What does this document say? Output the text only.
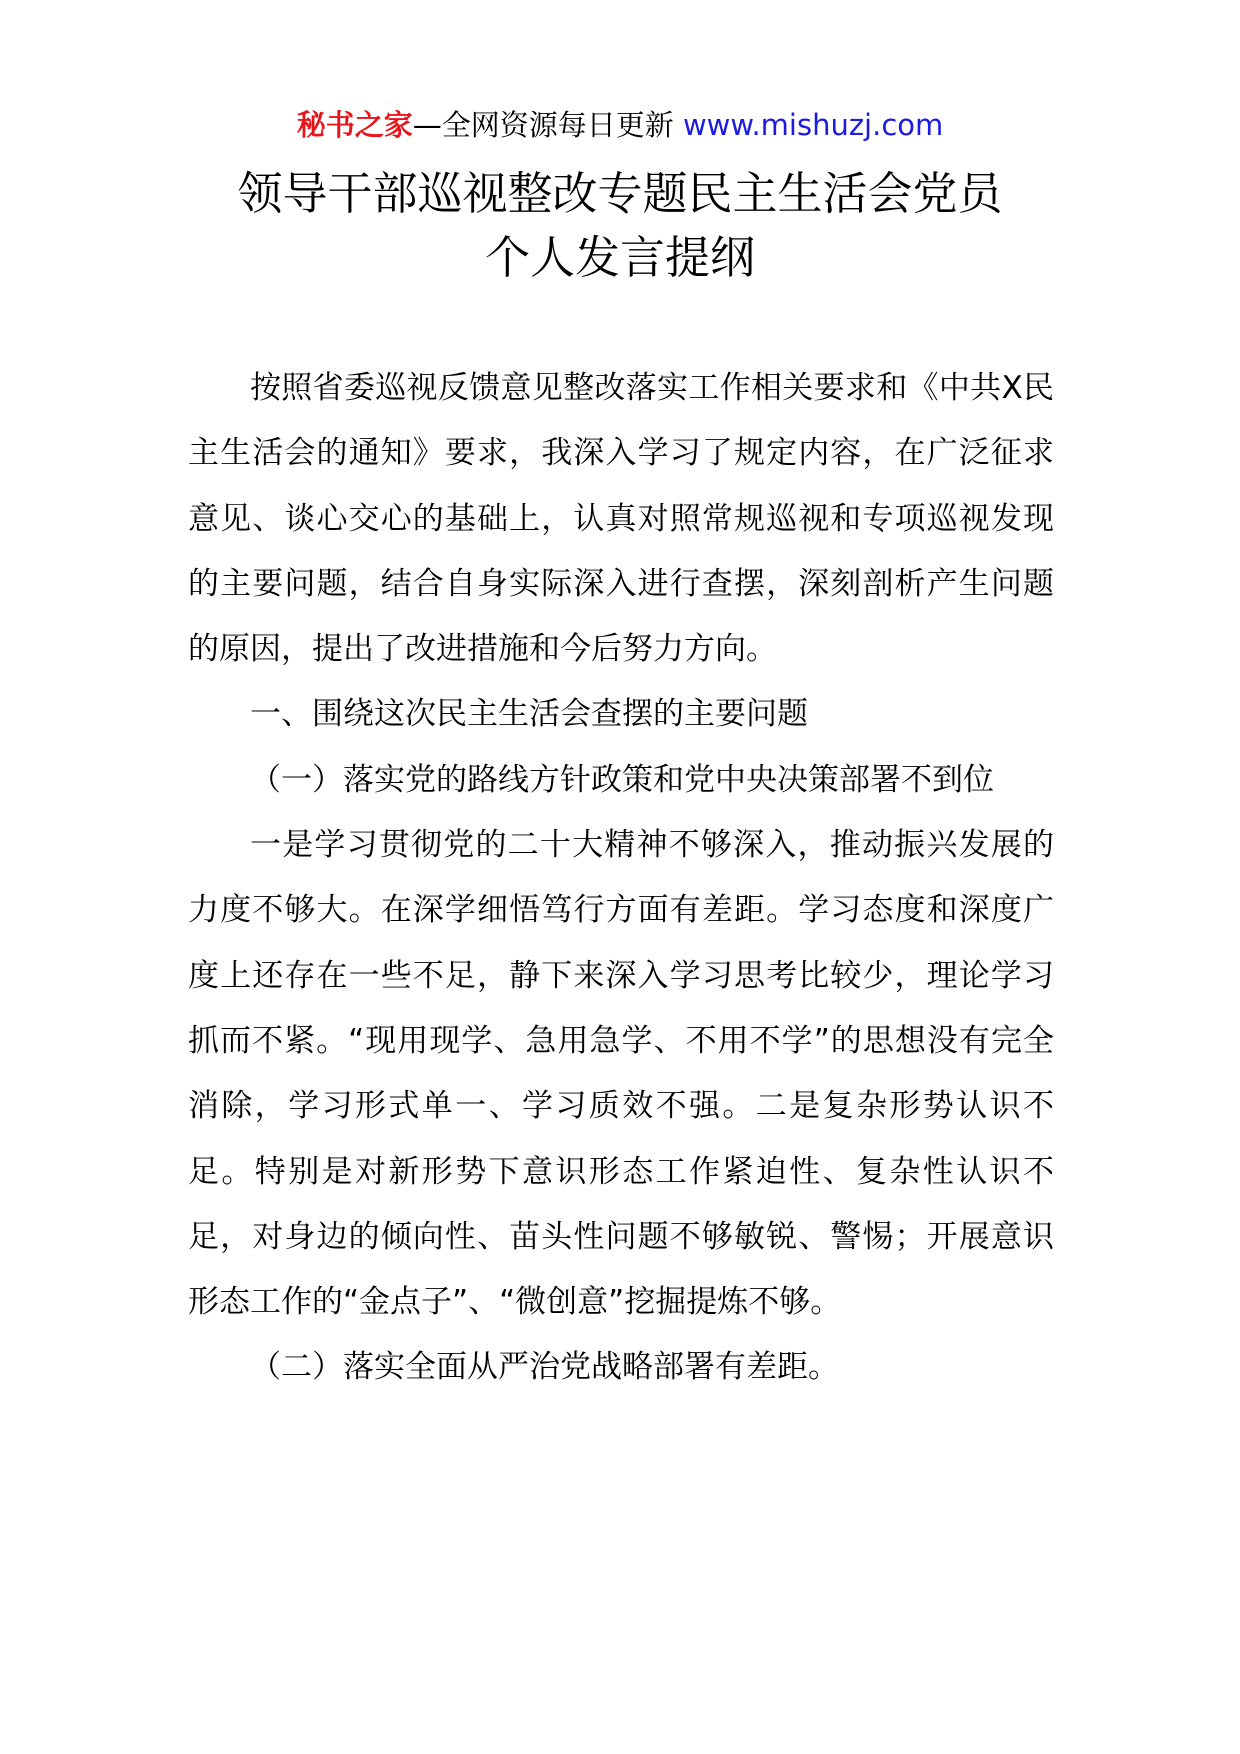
秘书之家—全网资源每日更新 www.mishuzj.com
领导干部巡视整改专题民主生活会党员
个人发言提纲

按照省委巡视反馈意见整改落实工作相关要求和《中共X民主生活会的通知》要求，我深入学习了规定内容，在广泛征求意见、谈心交心的基础上，认真对照常规巡视和专项巡视发现的主要问题，结合自身实际深入进行查摆，深刻剖析产生问题的原因，提出了改进措施和今后努力方向。

一、围绕这次民主生活会查摆的主要问题

（一）落实党的路线方针政策和党中央决策部署不到位

一是学习贯彻党的二十大精神不够深入，推动振兴发展的力度不够大。在深学细悟笃行方面有差距。学习态度和深度广度上还存在一些不足，静下来深入学习思考比较少，理论学习抓而不紧。“现用现学、急用急学、不用不学”的思想没有完全消除，学习形式单一、学习质效不强。二是复杂形势认识不足。特别是对新形势下意识形态工作紧迫性、复杂性认识不足，对身边的倾向性、苗头性问题不够敏锐、警惕；开展意识形态工作的“金点子”、“微创意”挖掘提炼不够。

（二）落实全面从严治党战略部署有差距。
